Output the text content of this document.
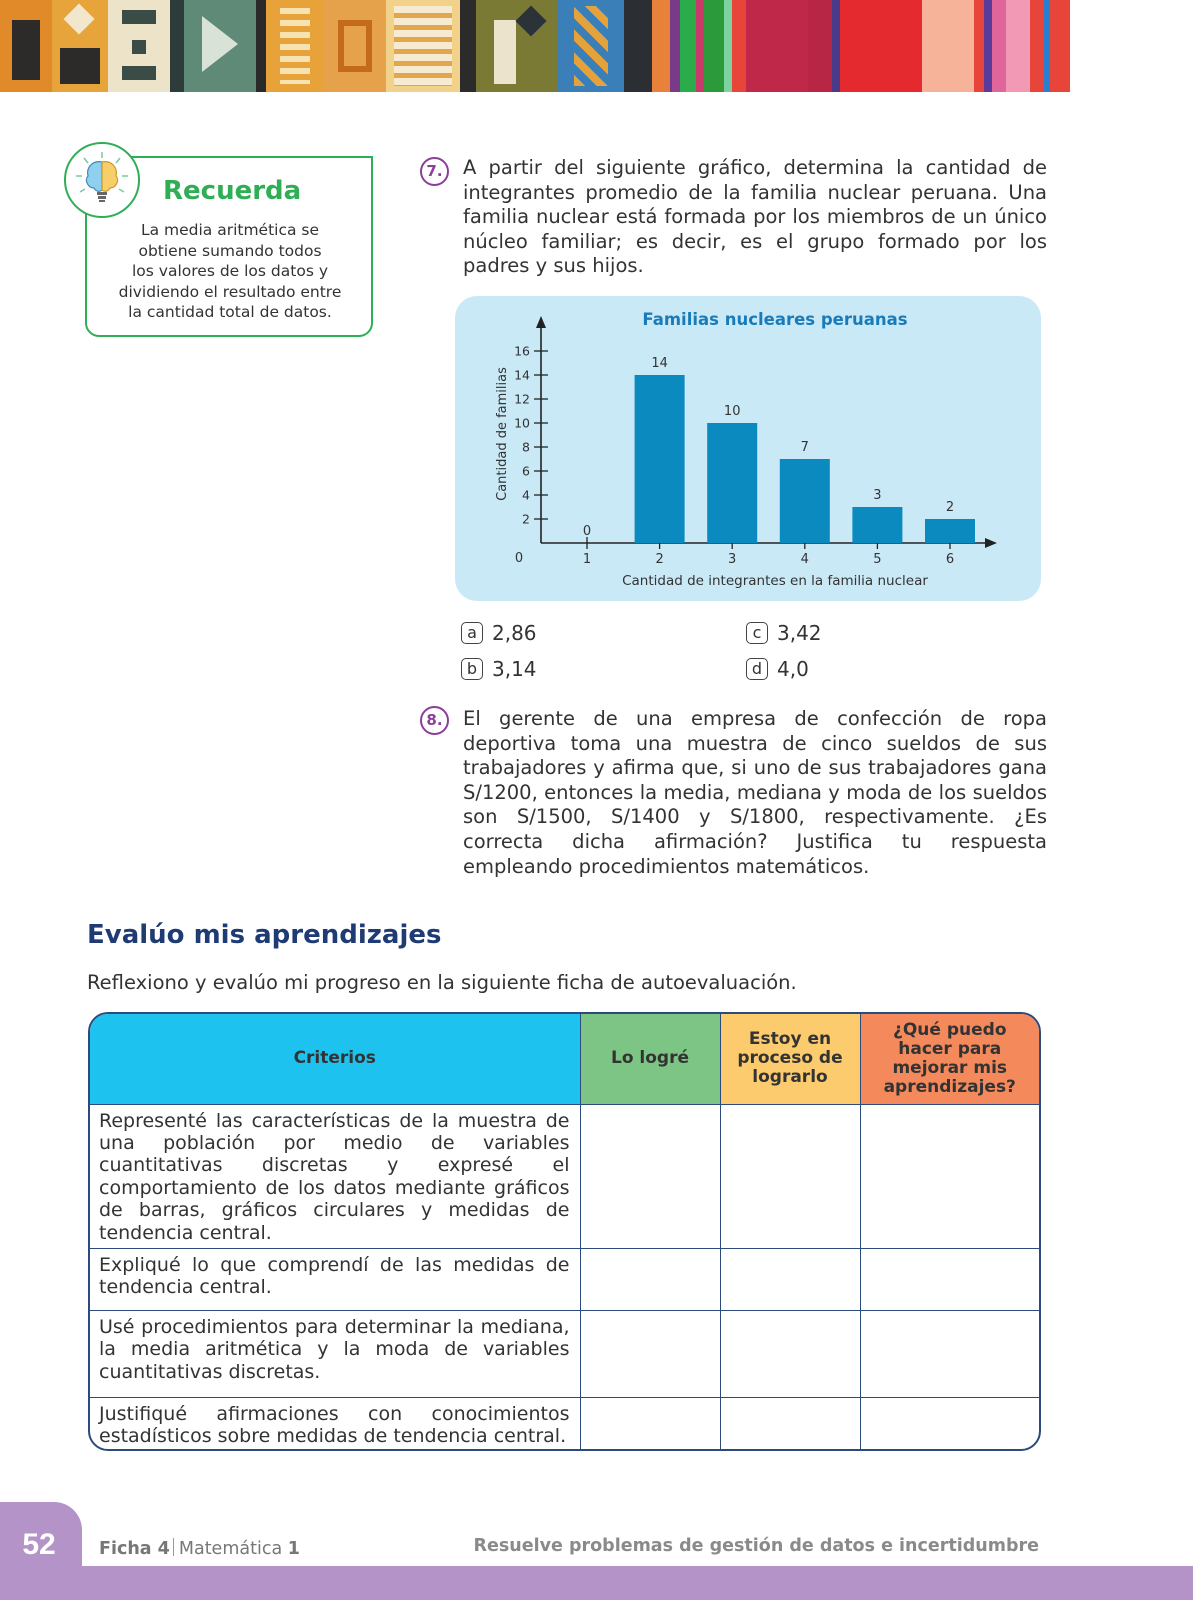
Recuerda
La media aritmética se
obtiene sumando todos
los valores de los datos y
dividiendo el resultado entre
la cantidad total de datos.
7.	A partir del siguiente gráfico, determina la cantidad de integrantes promedio de la familia nuclear peruana. Una familia nuclear está formada por los miembros de un único núcleo familiar; es decir, es el grupo formado por los padres y sus hijos.
Familias nucleares peruanas
Cantidad de familias
Cantidad de integrantes en la familia nuclear
0
2
4
6
8
10
12
14
16
1	2	3	4	5	6
0
14
10
7
3
2
a 2,86
b 3,14
c 3,42
d 4,0
8.	El gerente de una empresa de confección de ropa deportiva toma una muestra de cinco sueldos de sus trabajadores y afirma que, si uno de sus trabajadores gana S/1200, entonces la media, mediana y moda de los sueldos son S/1500, S/1400 y S/1800, respectivamente. ¿Es correcta dicha afirmación? Justifica tu respuesta empleando procedimientos matemáticos.
Evalúo mis aprendizajes
Reflexiono y evalúo mi progreso en la siguiente ficha de autoevaluación.
Criterios	Lo logré	Estoy en proceso de lograrlo	¿Qué puedo hacer para mejorar mis aprendizajes?
Representé las características de la muestra de una población por medio de variables cuantitativas discretas y expresé el comportamiento de los datos mediante gráficos de barras, gráficos circulares y medidas de tendencia central.			
Expliqué lo que comprendí de las medidas de tendencia central.			
Usé procedimientos para determinar la mediana, la media aritmética y la moda de variables cuantitativas discretas.			
Justifiqué afirmaciones con conocimientos estadísticos sobre medidas de tendencia central.			
52	Ficha 4 Matemática 1	Resuelve problemas de gestión de datos e incertidumbre
